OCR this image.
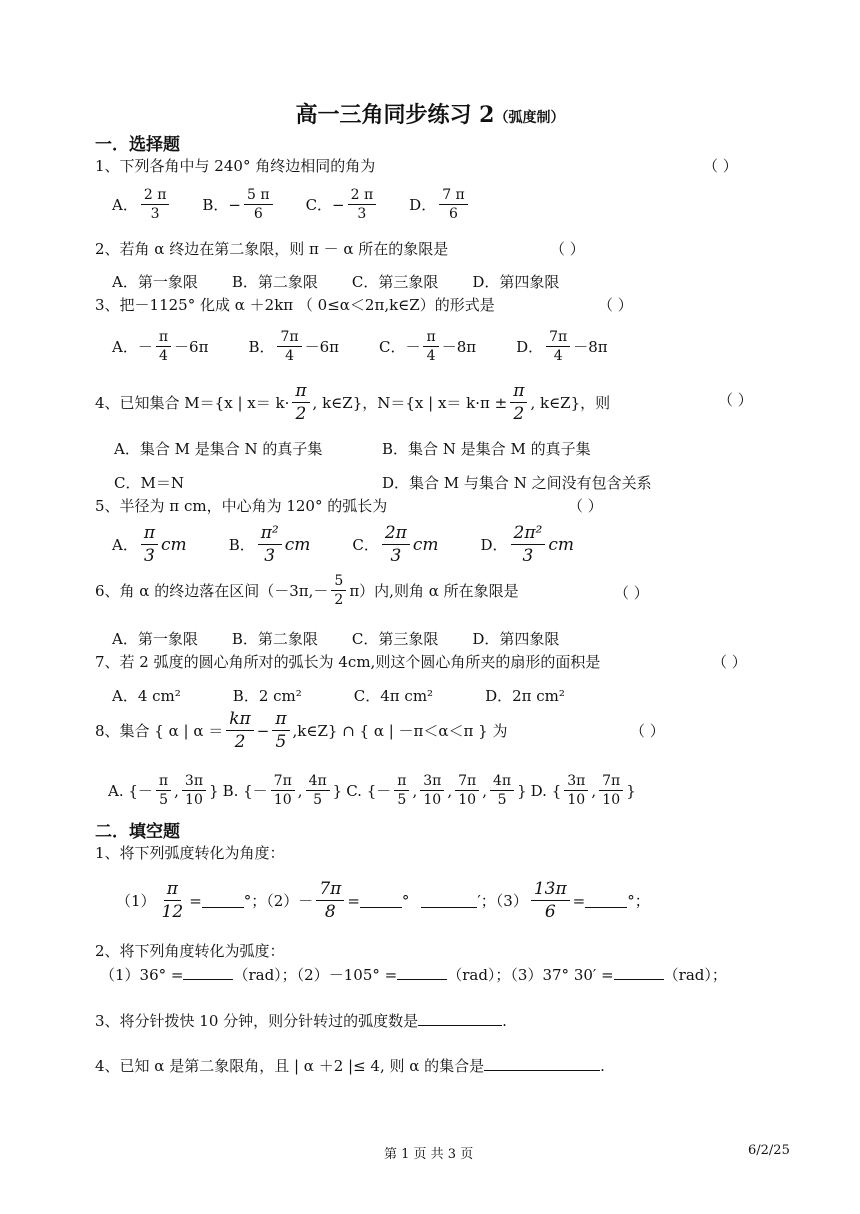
高一三角同步练习 2（弧度制）
一．选择题
1、下列各角中与 240° 角终边相同的角为	（ ）
A． $\frac{2 \pi}{3}$ B．− $\frac{5 \pi}{6}$ C．− $\frac{2 \pi}{3}$ D． $\frac{7 \pi}{6}$
2、若角 α 终边在第二象限，则 π － α 所在的象限是	（ ）
A．第一象限 B．第二象限 C．第三象限 D．第四象限
3、把－1125° 化成 α ＋2kπ （ 0≤α＜2π,k∈Z）的形式是	（ ）
A．－ $\frac{\pi}{4} -6\pi$	B． $\frac{7\pi}{4} -6\pi$	C．－ $\frac{\pi}{4} -8\pi$	D． $\frac{7\pi}{4} -8\pi$
4、已知集合 M＝{x | $x= k\cdot \frac{\pi}{2}$ , k∈Z}，N＝{x | $x= k\cdot\pi \pm \frac{\pi}{2}$ , k∈Z}，则	（ ）
A．集合 M 是集合 N 的真子集	B．集合 N 是集合 M 的真子集
C．M＝N	D．集合 M 与集合 N 之间没有包含关系
5、半径为 π cm，中心角为 120° 的弧长为	（ ）
A． $\frac{\pi}{3}$ cm	B． $\frac{\text{π²}}{3}$ cm	C． $\frac{2\pi}{3}$ cm	D． $\frac{\text{2π²}}{3}$ cm
6、角 α 的终边落在区间$(-3\pi,- \frac{5}{2} \pi)$内,则角 α 所在象限是	（ ）
A．第一象限 B．第二象限 C．第三象限 D．第四象限
7、若 2 弧度的圆心角所对的弧长为 4cm,则这个圆心角所夹的扇形的面积是	（ ）
A．4 cm²	B．2 cm²	C．4π cm²	D．2π cm²
8、集合 { α | $\alpha = \frac{k\pi}{2} - \frac{\pi}{5}$ ,k∈Z} ∩ { α | －π＜α＜π } 为	（ ）
A. {－ $\frac{\pi}{5}$ , $\frac{3\pi}{10}$ } B. {－ $\frac{7\pi}{10}$ , $\frac{4\pi}{5}$ } C. {－ $\frac{\pi}{5}$ , $\frac{3\pi}{10}$ , $\frac{7\pi}{10}$ , $\frac{4\pi}{5}$ } D. { $\frac{3\pi}{10}$ , $\frac{7\pi}{10}$ }
二．填空题
1、将下列弧度转化为角度：
$(1) \frac{\pi}{12}$ =	° ；$(2)- \frac{7\pi}{8}$ =	°	′ ；$(3) \frac{13\pi}{6}$ =	° ；
2、将下列角度转化为弧度：
（1）36° =	（rad）；（2）－105° =	（rad）；（3）37° 30′ =	（rad）；
3、将分针拨快 10 分钟，则分针转过的弧度数是	.
4、已知 α 是第二象限角，且 | α ＋2 |≤ 4, 则 α 的集合是	.
第 1 页 共 3 页	6/2/25
